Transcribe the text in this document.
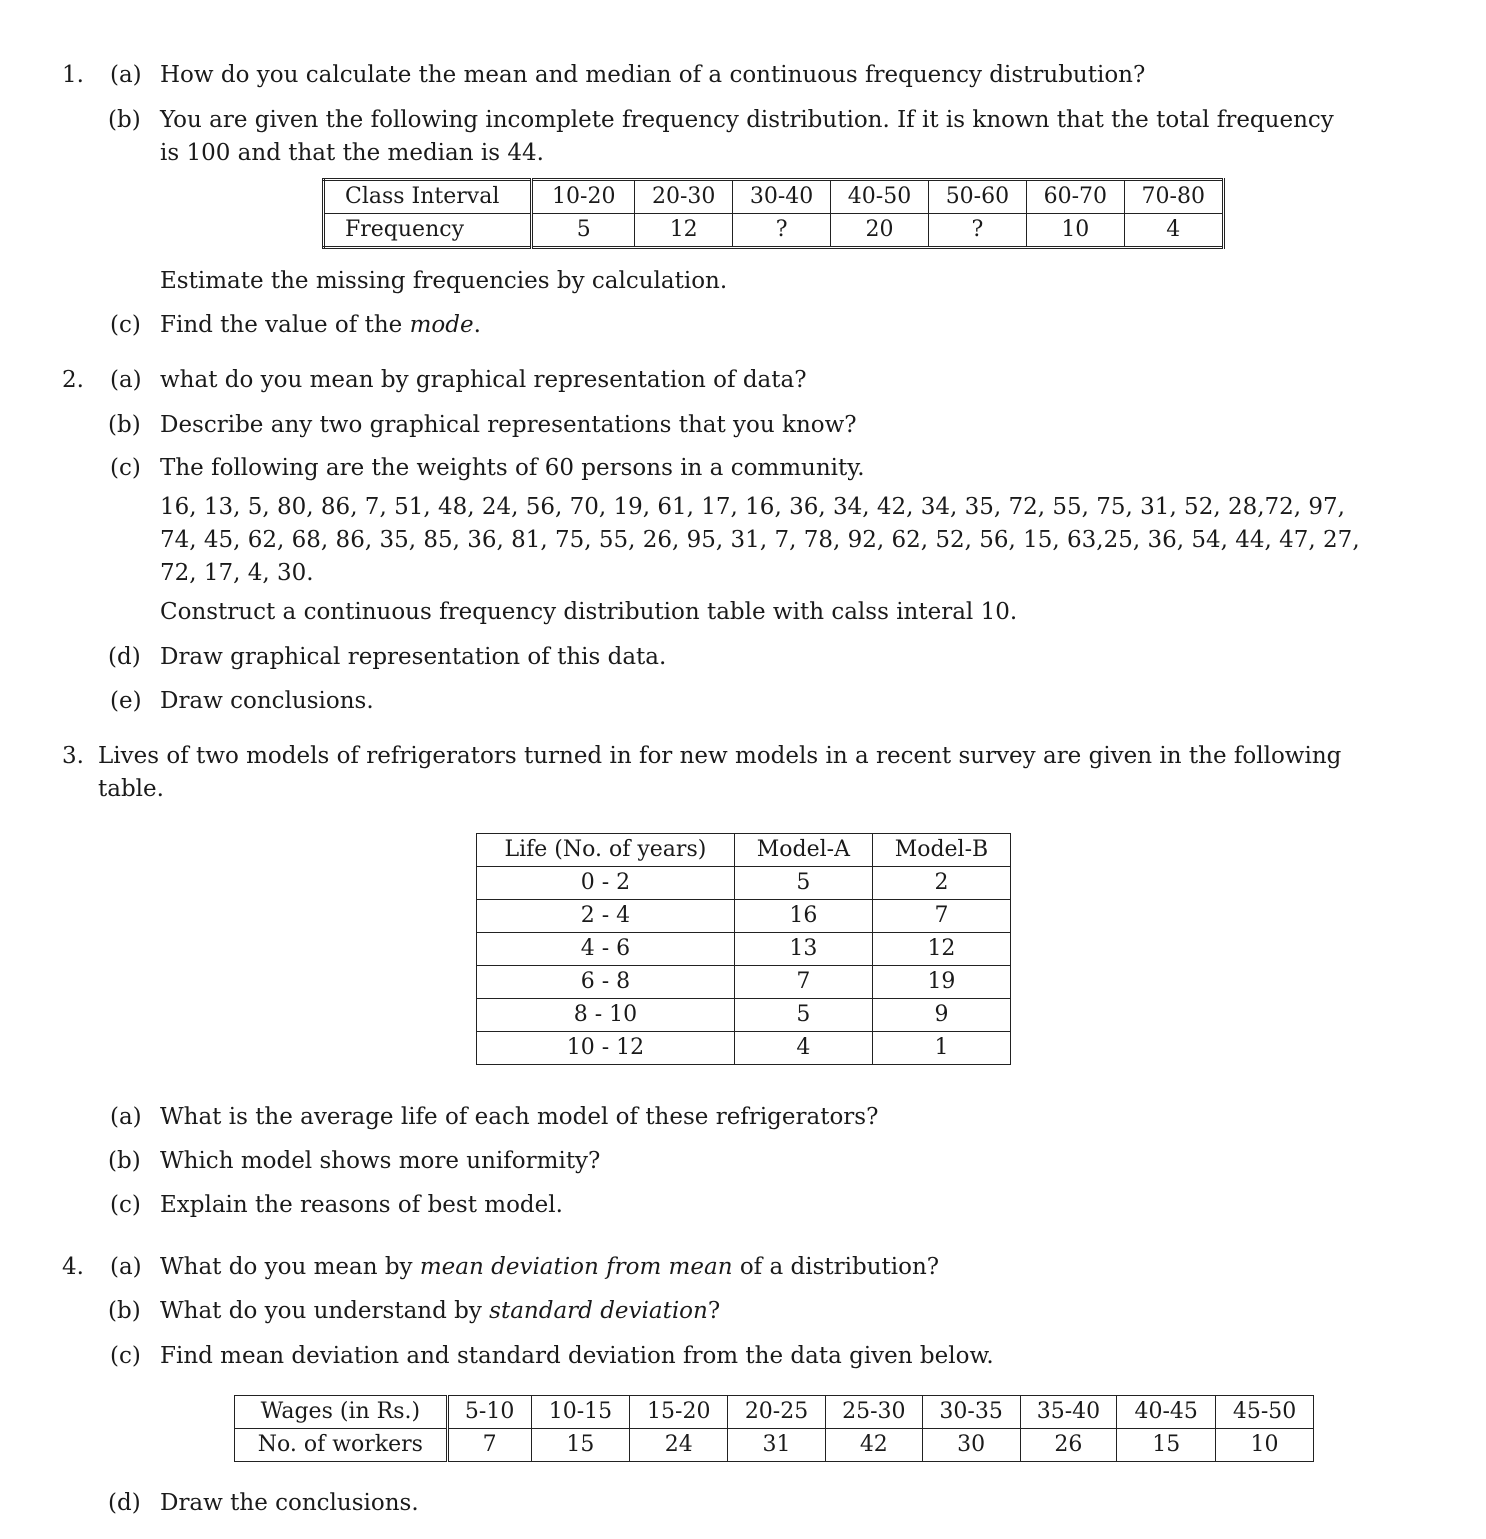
1. (a) How do you calculate the mean and median of a continuous frequency distrubution?
(b) You are given the following incomplete frequency distribution. If it is known that the total frequency
is 100 and that the median is 44.
Class Interval	10-20	20-30	30-40	40-50	50-60	60-70	70-80
Frequency	5	12	?	20	?	10	4
Estimate the missing frequencies by calculation.
(c) Find the value of the mode.
2. (a) what do you mean by graphical representation of data?
(b) Describe any two graphical representations that you know?
(c) The following are the weights of 60 persons in a community.
16, 13, 5, 80, 86, 7, 51, 48, 24, 56, 70, 19, 61, 17, 16, 36, 34, 42, 34, 35, 72, 55, 75, 31, 52, 28,72, 97,
74, 45, 62, 68, 86, 35, 85, 36, 81, 75, 55, 26, 95, 31, 7, 78, 92, 62, 52, 56, 15, 63,25, 36, 54, 44, 47, 27,
72, 17, 4, 30.
Construct a continuous frequency distribution table with calss interal 10.
(d) Draw graphical representation of this data.
(e) Draw conclusions.
3. Lives of two models of refrigerators turned in for new models in a recent survey are given in the following
table.
Life (No. of years)	Model-A	Model-B
0 - 2	5	2
2 - 4	16	7
4 - 6	13	12
6 - 8	7	19
8 - 10	5	9
10 - 12	4	1
(a) What is the average life of each model of these refrigerators?
(b) Which model shows more uniformity?
(c) Explain the reasons of best model.
4. (a) What do you mean by mean deviation from mean of a distribution?
(b) What do you understand by standard deviation?
(c) Find mean deviation and standard deviation from the data given below.
Wages (in Rs.)	5-10	10-15	15-20	20-25	25-30	30-35	35-40	40-45	45-50
No. of workers	7	15	24	31	42	30	26	15	10
(d) Draw the conclusions.
